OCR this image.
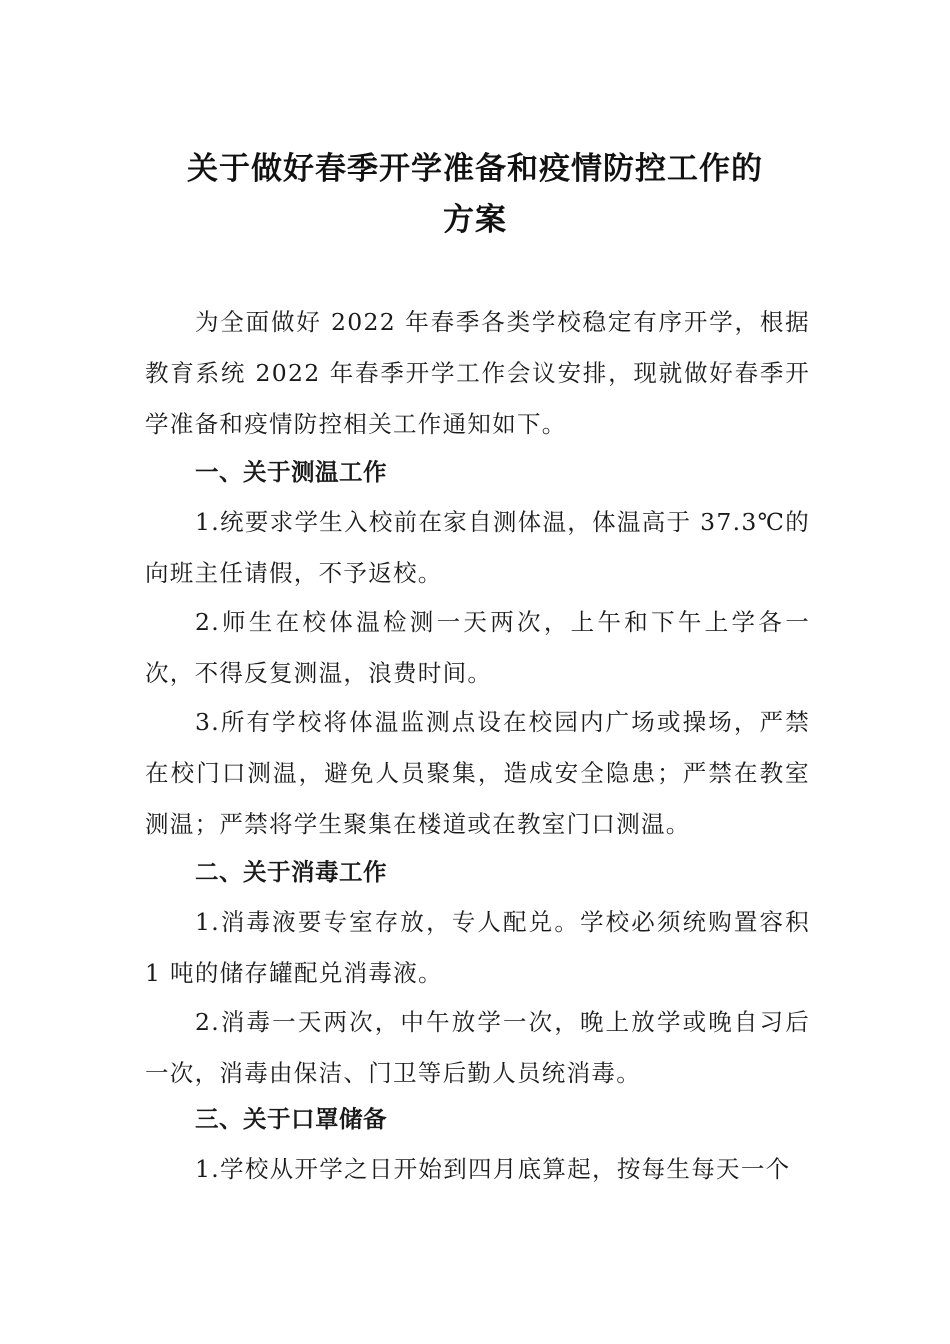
关于做好春季开学准备和疫情防控工作的
方案

为全面做好 2022 年春季各类学校稳定有序开学，根据教育系统 2022 年春季开学工作会议安排，现就做好春季开学准备和疫情防控相关工作通知如下。

一、关于测温工作

1.统要求学生入校前在家自测体温，体温高于 37.3℃的向班主任请假，不予返校。

2.师生在校体温检测一天两次，上午和下午上学各一次，不得反复测温，浪费时间。

3.所有学校将体温监测点设在校园内广场或操场，严禁在校门口测温，避免人员聚集，造成安全隐患；严禁在教室测温；严禁将学生聚集在楼道或在教室门口测温。

二、关于消毒工作

1.消毒液要专室存放，专人配兑。学校必须统购置容积 1 吨的储存罐配兑消毒液。

2.消毒一天两次，中午放学一次，晚上放学或晚自习后一次，消毒由保洁、门卫等后勤人员统消毒。

三、关于口罩储备

1.学校从开学之日开始到四月底算起，按每生每天一个
